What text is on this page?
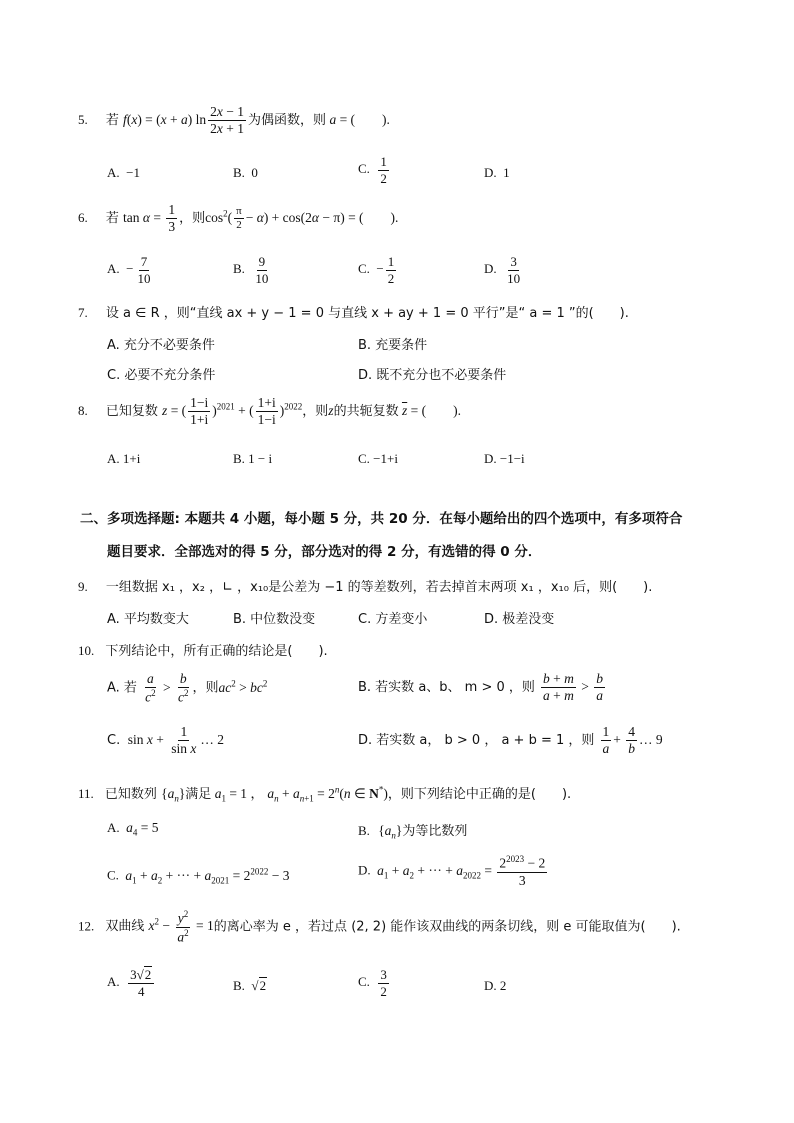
5. 若 f(x) = (x + a) $\ln \frac{2x - 1}{2x + 1}$ 为偶函数，则 a = (　　).
A. −1	B. 0	C. $\frac{1}{2}$	D. 1
6. 若 $\tan \alpha = \frac{1}{3}$ ，则$\cos^2( \frac{\pi}{2} - \alpha) + \cos(2\alpha - \pi)$ = (　　).
A.  − $\frac{7}{10}$	B. $\frac{9}{10}$	C.  − $\frac{1}{2}$	D. $\frac{3}{10}$
7. 设 a ∈ R ，则“直线 ax + y − 1 = 0 与直线 x + ay + 1 = 0 平行”是“ a = 1 ”的(　　).
A. 充分不必要条件	B. 充要条件
C. 必要不充分条件	D. 既不充分也不必要条件
8. 已知复数 z = ( $\frac{1-i}{1+i} )^{2021}$ + ( $\frac{1+i}{1-i} )^{2022}$，则z的共轭复数 $\overline{z}$ = (　　).
A. 1+i	B. 1 − i	C. −1+i	D. −1−i
二、多项选择题: 本题共 4 小题，每小题 5 分，共 20 分．在每小题给出的四个选项中，有多项符合
题目要求．全部选对的得 5 分，部分选对的得 2 分，有选错的得 0 分．
9. 一组数据 x₁ ，x₂ ，∟ ，x₁₀是公差为 −1 的等差数列，若去掉首末两项 x₁ ，x₁₀ 后，则(　　).
A. 平均数变大	B. 中位数没变	C. 方差变小	D. 极差没变
10. 下列结论中，所有正确的结论是(　　).
A. 若 $\frac{a}{c^2} > \frac{b}{c^2}$ ，则$ac^2 > bc^2$	B. 若实数 a、b、 m > 0 ，则 $\frac{b + m}{a + m} > \frac{b}{a}$
C.  $\sin x + \frac{1}{\text{sin x}}$ … 2	D. 若实数 a， b > 0 ， a + b = 1 ，则 $\frac{1}{a} + \frac{4}{b}$ … 9
11. 已知数列 $\{a_n\}$满足 $a_1 = 1$ ， $a_n + a_{n+1} = 2^n(n$ ∈ N*)，则下列结论中正确的是(　　).
A. $a_4 = 5$	B. $\{a_n\}$为等比数列
C. $a_1 + a_2$ + ··· + $a_{2021} = 2^{2022} - 3$	D. $a_1 + a_2$ + ··· + $a_{2022} = \frac{2^{2023} - 2}{3}$
12. 双曲线 $x^2 - \frac{y^2}{a^2} = 1$的离心率为 e ，若过点 (2, 2) 能作该双曲线的两条切线，则 e 可能取值为(　　).
A. $\frac{3√2}{4}$	B.  √2	C. $\frac{3}{2}$	D. 2
